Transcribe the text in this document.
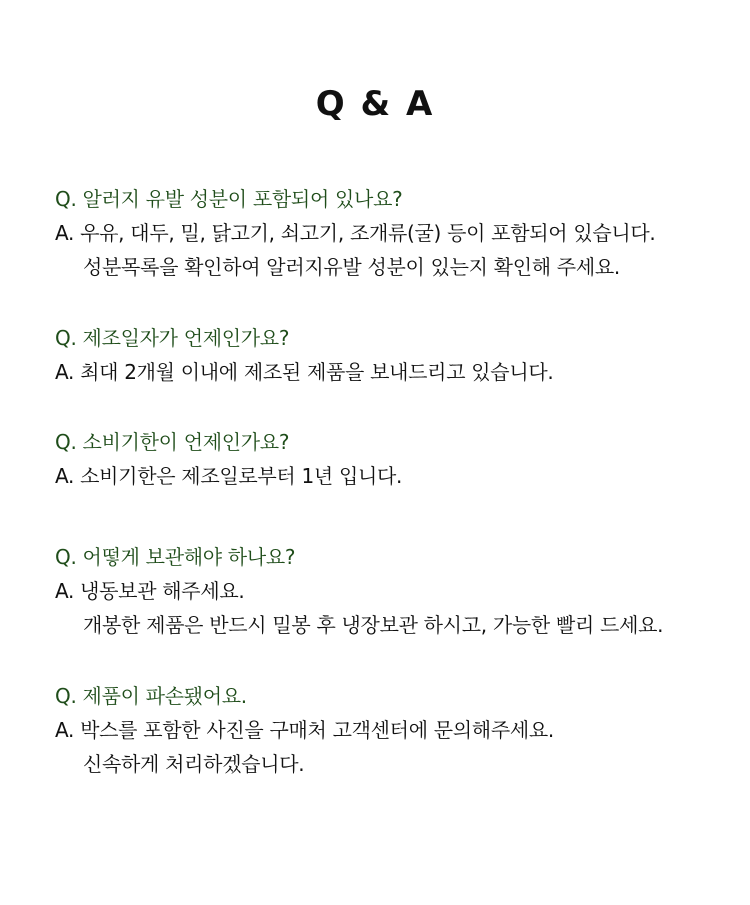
Q & A
Q. 알러지 유발 성분이 포함되어 있나요?
A. 우유, 대두, 밀, 닭고기, 쇠고기, 조개류(굴) 등이 포함되어 있습니다.
성분목록을 확인하여 알러지유발 성분이 있는지 확인해 주세요.
Q. 제조일자가 언제인가요?
A. 최대 2개월 이내에 제조된 제품을 보내드리고 있습니다.
Q. 소비기한이 언제인가요?
A. 소비기한은 제조일로부터 1년 입니다.
Q. 어떻게 보관해야 하나요?
A. 냉동보관 해주세요.
개봉한 제품은 반드시 밀봉 후 냉장보관 하시고, 가능한 빨리 드세요.
Q. 제품이 파손됐어요.
A. 박스를 포함한 사진을 구매처 고객센터에 문의해주세요.
신속하게 처리하겠습니다.
